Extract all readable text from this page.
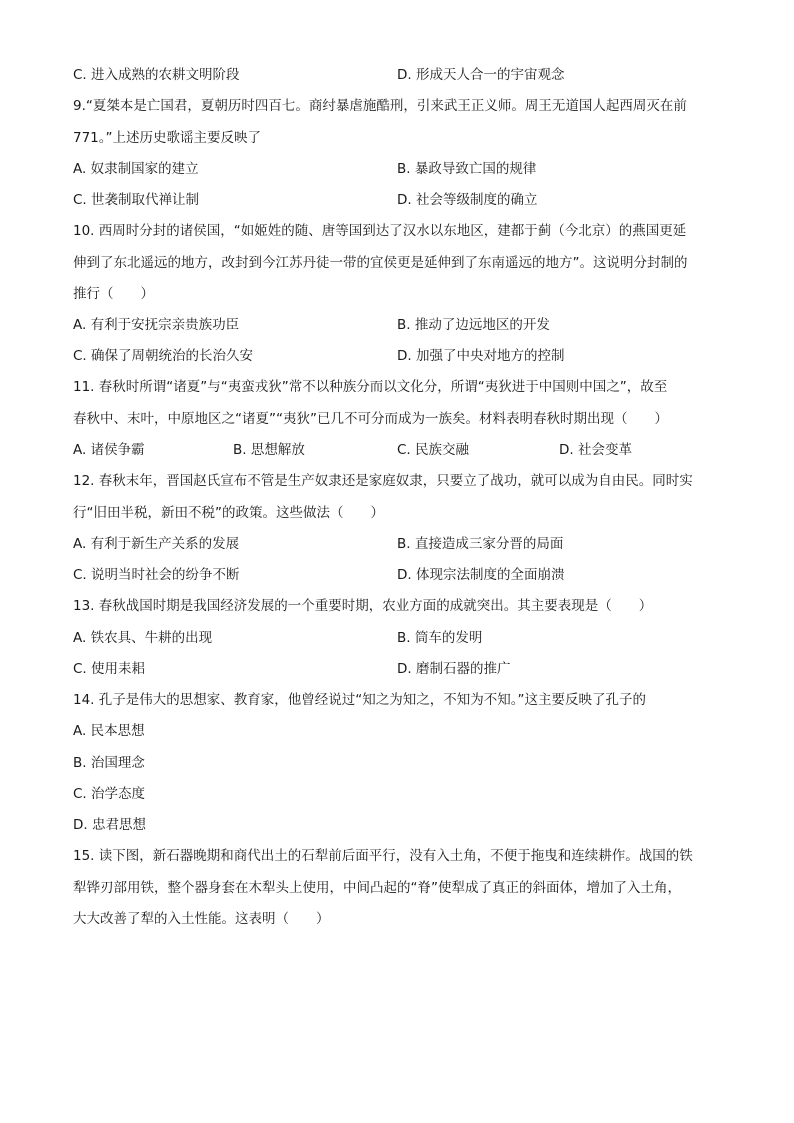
C. 进入成熟的农耕文明阶段	D. 形成天人合一的宇宙观念
9.“夏桀本是亡国君，夏朝历时四百七。商纣暴虐施酷刑，引来武王正义师。周王无道国人起西周灭在前
771。”上述历史歌谣主要反映了
A. 奴隶制国家的建立	B. 暴政导致亡国的规律
C. 世袭制取代禅让制	D. 社会等级制度的确立
10. 西周时分封的诸侯国，“如姬姓的随、唐等国到达了汉水以东地区，建都于蓟（今北京）的燕国更延
伸到了东北遥远的地方，改封到今江苏丹徒一带的宜侯更是延伸到了东南遥远的地方”。这说明分封制的
推行（　　）
A. 有利于安抚宗亲贵族功臣	B. 推动了边远地区的开发
C. 确保了周朝统治的长治久安	D. 加强了中央对地方的控制
11. 春秋时所谓“诸夏”与“夷蛮戎狄”常不以种族分而以文化分，所谓“夷狄进于中国则中国之”，故至
春秋中、末叶，中原地区之“诸夏”“夷狄”已几不可分而成为一族矣。材料表明春秋时期出现（　　）
A. 诸侯争霸	B. 思想解放	C. 民族交融	D. 社会变革
12. 春秋末年，晋国赵氏宣布不管是生产奴隶还是家庭奴隶，只要立了战功，就可以成为自由民。同时实
行“旧田半税，新田不税”的政策。这些做法（　　）
A. 有利于新生产关系的发展	B. 直接造成三家分晋的局面
C. 说明当时社会的纷争不断	D. 体现宗法制度的全面崩溃
13. 春秋战国时期是我国经济发展的一个重要时期，农业方面的成就突出。其主要表现是（　　）
A. 铁农具、牛耕的出现	B. 筒车的发明
C. 使用耒耜	D. 磨制石器的推广
14. 孔子是伟大的思想家、教育家，他曾经说过“知之为知之，不知为不知。”这主要反映了孔子的
A. 民本思想
B. 治国理念
C. 治学态度
D. 忠君思想
15. 读下图，新石器晚期和商代出土的石犁前后面平行，没有入土角，不便于拖曳和连续耕作。战国的铁
犁铧刃部用铁，整个器身套在木犁头上使用，中间凸起的“脊”使犁成了真正的斜面体，增加了入土角，
大大改善了犁的入土性能。这表明（　　）
